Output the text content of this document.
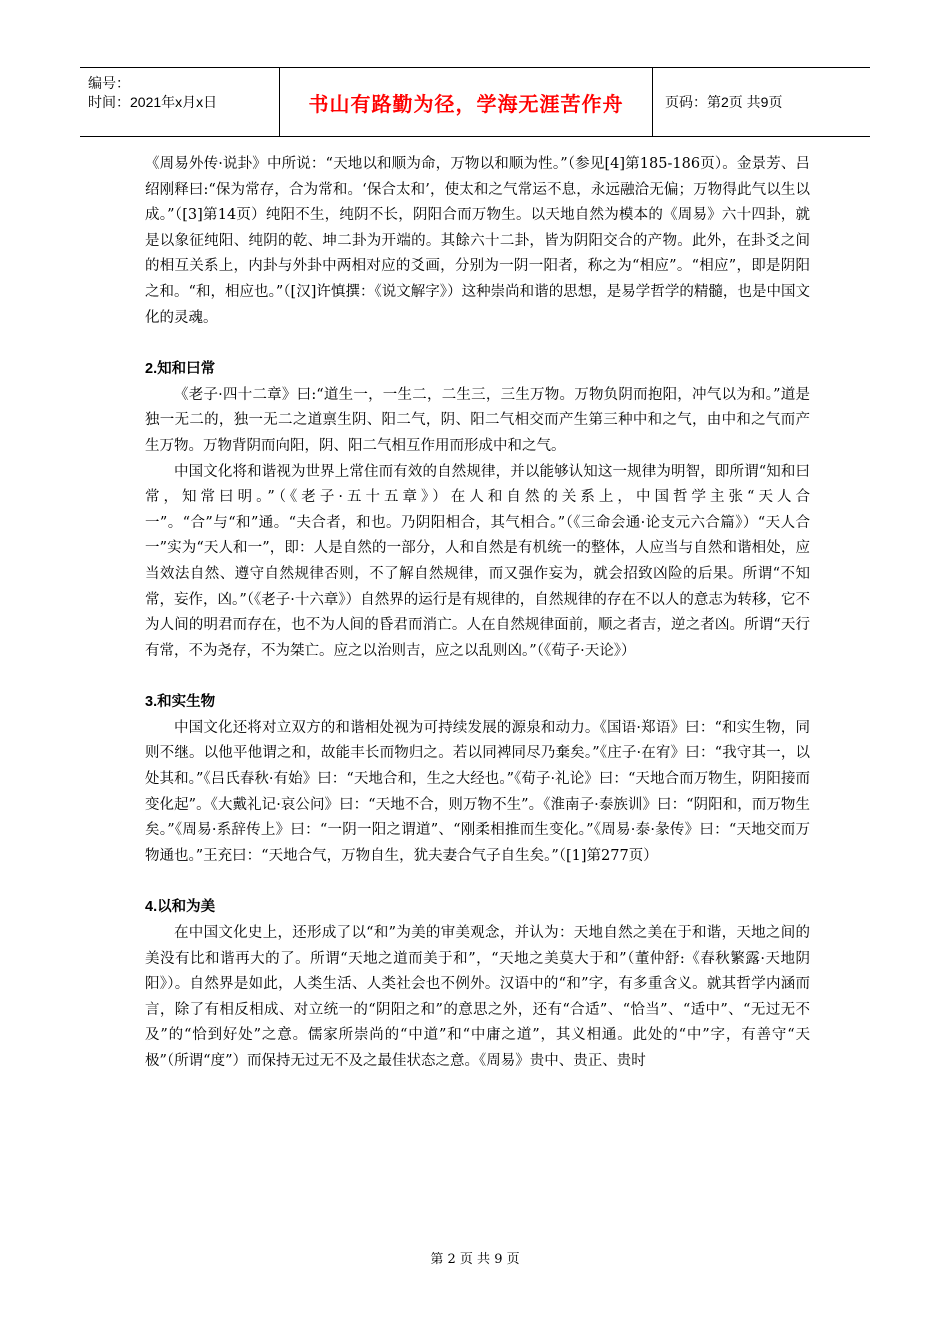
编号：
时间：2021年x月x日	书山有路勤为径，学海无涯苦作舟	页码：第2页 共9页

《周易外传·说卦》中所说：“天地以和顺为命，万物以和顺为性。”（参见[4]第185-186页）。金景芳、吕绍刚释曰:“保为常存，合为常和。‘保合太和’，使太和之气常运不息，永远融洽无偏；万物得此气以生以成。”（[3]第14页）纯阳不生，纯阴不长，阴阳合而万物生。以天地自然为模本的《周易》六十四卦，就是以象征纯阳、纯阴的乾、坤二卦为开端的。其餘六十二卦，皆为阴阳交合的产物。此外，在卦爻之间的相互关系上，内卦与外卦中两相对应的爻画，分别为一阴一阳者，称之为“相应”。“相应”，即是阴阳之和。“和，相应也。”（[汉]许慎撰：《说文解字》）这种崇尚和谐的思想，是易学哲学的精髓，也是中国文化的灵魂。

2.知和曰常

《老子·四十二章》曰:“道生一，一生二，二生三，三生万物。万物负阴而抱阳，冲气以为和。”道是独一无二的，独一无二之道禀生阴、阳二气，阴、阳二气相交而产生第三种中和之气，由中和之气而产生万物。万物背阴而向阳，阴、阳二气相互作用而形成中和之气。

中国文化将和谐视为世界上常住而有效的自然规律，并以能够认知这一规律为明智，即所谓“知和曰常，知常曰明。”（《老子·五十五章》）在人和自然的关系上，中国哲学主张“天人合一”。“合”与“和”通。“夫合者，和也。乃阴阳相合，其气相合。”（《三命会通·论支元六合篇》）“天人合一”实为“天人和一”，即：人是自然的一部分，人和自然是有机统一的整体，人应当与自然和谐相处，应当效法自然、遵守自然规律否则，不了解自然规律，而又强作妄为，就会招致凶险的后果。所谓“不知常，妄作，凶。”（《老子·十六章》）自然界的运行是有规律的，自然规律的存在不以人的意志为转移，它不为人间的明君而存在，也不为人间的昏君而消亡。人在自然规律面前，顺之者吉，逆之者凶。所谓“天行有常，不为尧存，不为桀亡。应之以治则吉，应之以乱则凶。”（《荀子·天论》）

3.和实生物

中国文化还将对立双方的和谐相处视为可持续发展的源泉和动力。《国语·郑语》曰：“和实生物，同则不继。以他平他谓之和，故能丰长而物归之。若以同裨同尽乃棄矣。”《庄子·在宥》曰：“我守其一，以处其和。”《吕氏春秋·有始》曰：“天地合和，生之大经也。”《荀子·礼论》曰：“天地合而万物生，阴阳接而变化起”。《大戴礼记·哀公问》曰：“天地不合，则万物不生”。《淮南子·泰族训》曰：“阴阳和，而万物生矣。”《周易·系辞传上》曰：“一阴一阳之谓道”、“刚柔相推而生变化。”《周易·泰·彖传》曰：“天地交而万物通也。”王充曰：“天地合气，万物自生，犹夫妻合气子自生矣。”（[1]第277页）

4.以和为美

在中国文化史上，还形成了以“和”为美的审美观念，并认为：天地自然之美在于和谐，天地之间的美没有比和谐再大的了。所谓“天地之道而美于和”，“天地之美莫大于和”（董仲舒:《春秋繁露·天地阴阳》）。自然界是如此，人类生活、人类社会也不例外。汉语中的“和”字，有多重含义。就其哲学内涵而言，除了有相反相成、对立统一的“阴阳之和”的意思之外，还有“合适”、“恰当”、“适中”、“无过无不及”的“恰到好处”之意。儒家所崇尚的“中道”和“中庸之道”，其义相通。此处的“中”字，有善守“天极”（所谓“度”）而保持无过无不及之最佳状态之意。《周易》贵中、贵正、贵时

第 2 页 共 9 页
